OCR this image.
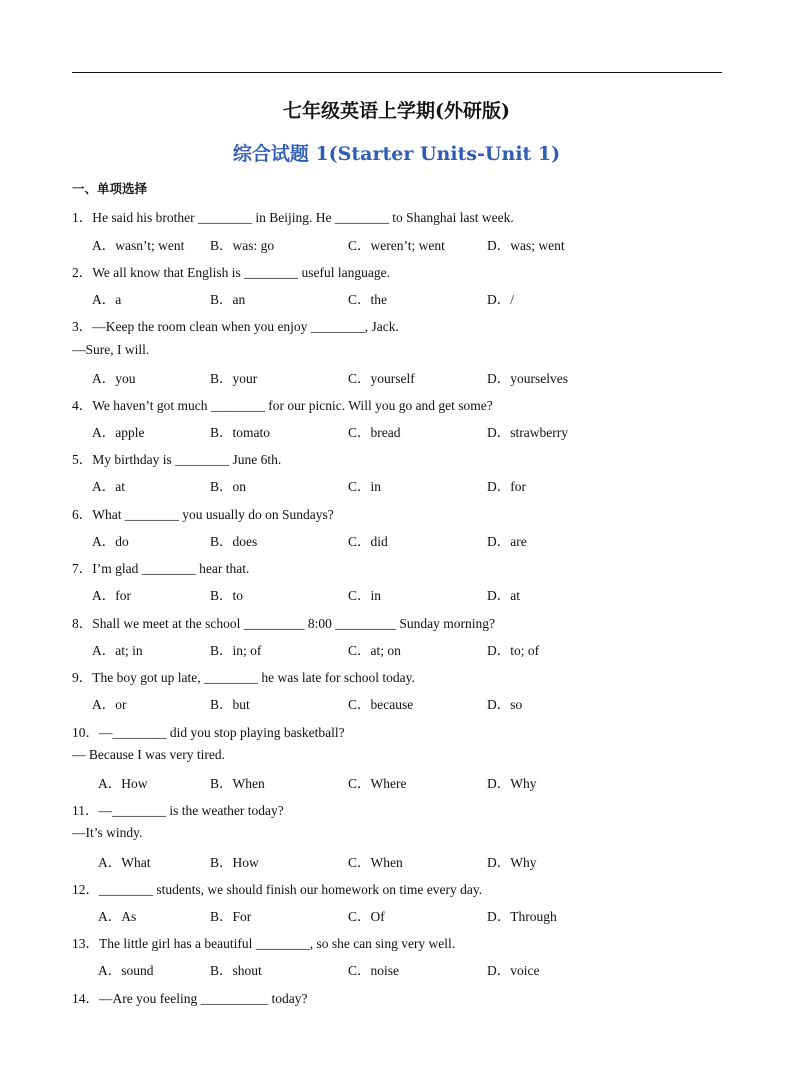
七年级英语上学期(外研版)
综合试题 1(Starter Units-Unit 1)
一、单项选择
1．He said his brother ________ in Beijing. He ________ to Shanghai last week.
A．wasn’t; went B．was: go	C．weren’t; went	D．was; went
2．We all know that English is ________ useful language.
A．a	B．an	C．the	D．/
3．—Keep the room clean when you enjoy ________, Jack.
—Sure, I will.
A．you	B．your	C．yourself	D．yourselves
4．We haven’t got much ________ for our picnic. Will you go and get some?
A．apple	B．tomato	C．bread	D．strawberry
5．My birthday is ________ June 6th.
A．at	B．on	C．in	D．for
6．What ________ you usually do on Sundays?
A．do	B．does	C．did	D．are
7．I’m glad ________ hear that.
A．for	B．to	C．in	D．at
8．Shall we meet at the school _________ 8:00 _________ Sunday morning?
A．at; in	B．in; of	C．at; on	D．to; of
9．The boy got up late, ________ he was late for school today.
A．or	B．but	C．because	D．so
10．—________ did you stop playing basketball?
— Because I was very tired.
A．How	B．When	C．Where	D．Why
11．—________ is the weather today?
—It’s windy.
A．What	B．How	C．When	D．Why
12．________ students, we should finish our homework on time every day.
A．As	B．For	C．Of	D．Through
13．The little girl has a beautiful ________, so she can sing very well.
A．sound	B．shout	C．noise	D．voice
14．—Are you feeling __________ today?
